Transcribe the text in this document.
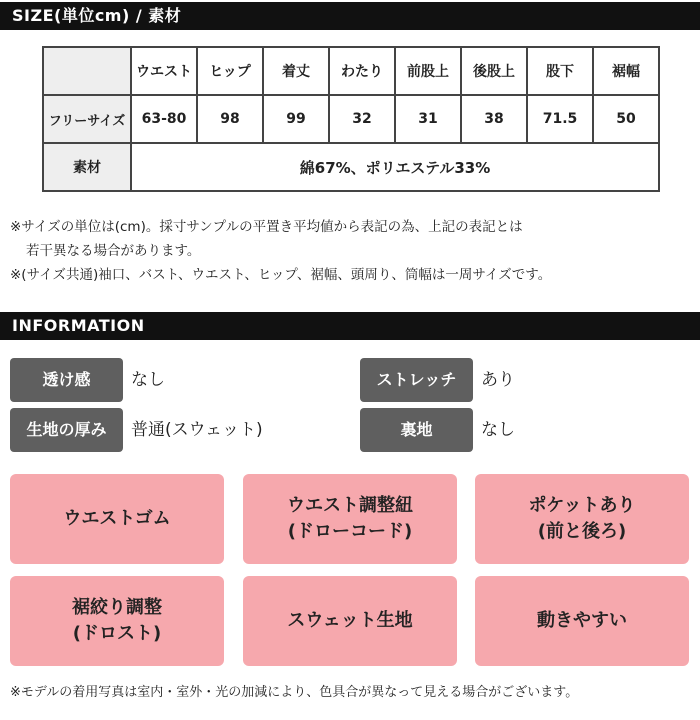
SIZE(単位cm) / 素材
	ウエスト	ヒップ	着丈	わたり	前股上	後股上	股下	裾幅
フリーサイズ	63-80	98	99	32	31	38	71.5	50
素材	綿67%、ポリエステル33%							

※サイズの単位は(cm)。採寸サンプルの平置き平均値から表記の為、上記の表記とは

若干異なる場合があります。

※(サイズ共通)袖口、バスト、ウエスト、ヒップ、裾幅、頭周り、筒幅は一周サイズです。

INFORMATION
透け感	なし	ストレッチ	あり
生地の厚み	普通(スウェット)	裏地	なし
ウエストゴム
ウエスト調整紐
(ドローコード)
ポケットあり
(前と後ろ)
裾絞り調整
(ドロスト)
スウェット生地	動きやすい
※モデルの着用写真は室内・室外・光の加減により、色具合が異なって見える場合がございます。
